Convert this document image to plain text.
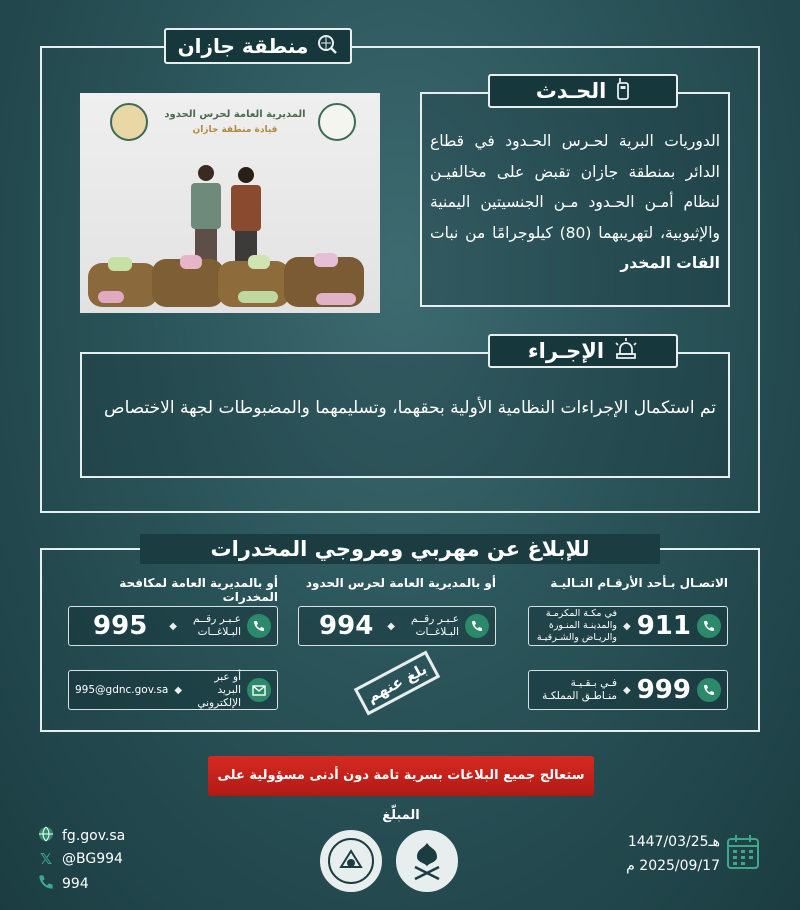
منطقة جازان
المديرية العامة لحرس الحدود
قيادة منطقة جازان
الحـدث
الدوريات البرية لحـرس الحـدود في قطاع الدائر بمنطقة جازان تقبض على مخالفيـن لنظام أمـن الحـدود مـن الجنسيتين اليمنية والإثيوبية، لتهريبهما (80) كيلوجرامًا من نبات القات المخدر
الإجـراء
تم استكمال الإجراءات النظامية الأولية بحقهما، وتسليمهما والمضبوطات لجهة الاختصاص
للإبلاغ عن مهربي ومروجي المخدرات
الاتصـال بـأحد الأرقـام التـاليـة
أو بالمديرية العامة لحرس الحدود
أو بالمديرية العامة لمكافحة المخدرات
911
◆
في مكـة المكرمـة والمدينـة المنـورة والريـاض والشـرقيـة
999
◆
فـي بـقـيـة منـاطـق المملكـة
عـبـر رقــم البـلاغــات
◆
994
عـبـر رقــم البـلاغــات
◆
995
أو عبر البريد الإلكتروني
◆
995@gdnc.gov.sa	بلغ عنهم
ستعالج جميع البلاغات بسرية تامة دون أدنى مسؤولية على المبلّغ
fg.gov.sa
𝕏 @BG994
994
1447/03/25هـ
2025/09/17 م
